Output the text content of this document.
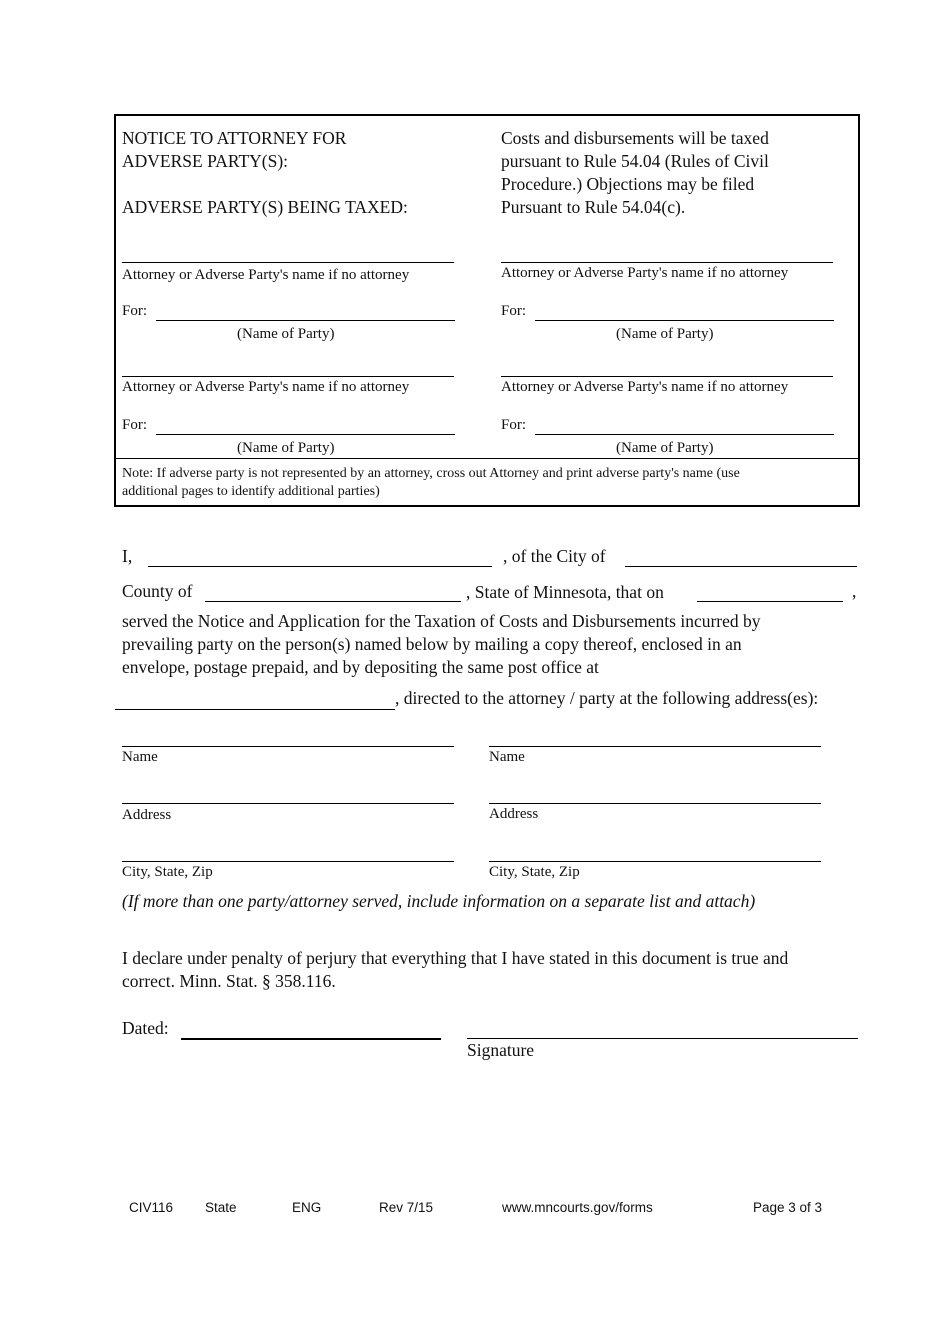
NOTICE TO ATTORNEY FOR
ADVERSE PARTY(S):
ADVERSE PARTY(S) BEING TAXED:
Costs and disbursements will be taxed
pursuant to Rule 54.04 (Rules of Civil
Procedure.) Objections may be filed
Pursuant to Rule 54.04(c).
Attorney or Adverse Party's name if no attorney
For:
(Name of Party)
Attorney or Adverse Party's name if no attorney
For:
(Name of Party)
Attorney or Adverse Party's name if no attorney
For:
(Name of Party)
Attorney or Adverse Party's name if no attorney
For:
(Name of Party)
Note: If adverse party is not represented by an attorney, cross out Attorney and print adverse party's name (use
additional pages to identify additional parties)
I,	, of the City of
County of	, State of Minnesota, that on	,
served the Notice and Application for the Taxation of Costs and Disbursements incurred by
prevailing party on the person(s) named below by mailing a copy thereof, enclosed in an
envelope, postage prepaid, and by depositing the same post office at
, directed to the attorney / party at the following address(es):
Name
Address
City, State, Zip
Name
Address
City, State, Zip
(If more than one party/attorney served, include information on a separate list and attach)
I declare under penalty of perjury that everything that I have stated in this document is true and
correct. Minn. Stat. § 358.116.
Dated:
Signature
CIV116 State	ENG	Rev 7/15	www.mncourts.gov/forms	Page 3 of 3
